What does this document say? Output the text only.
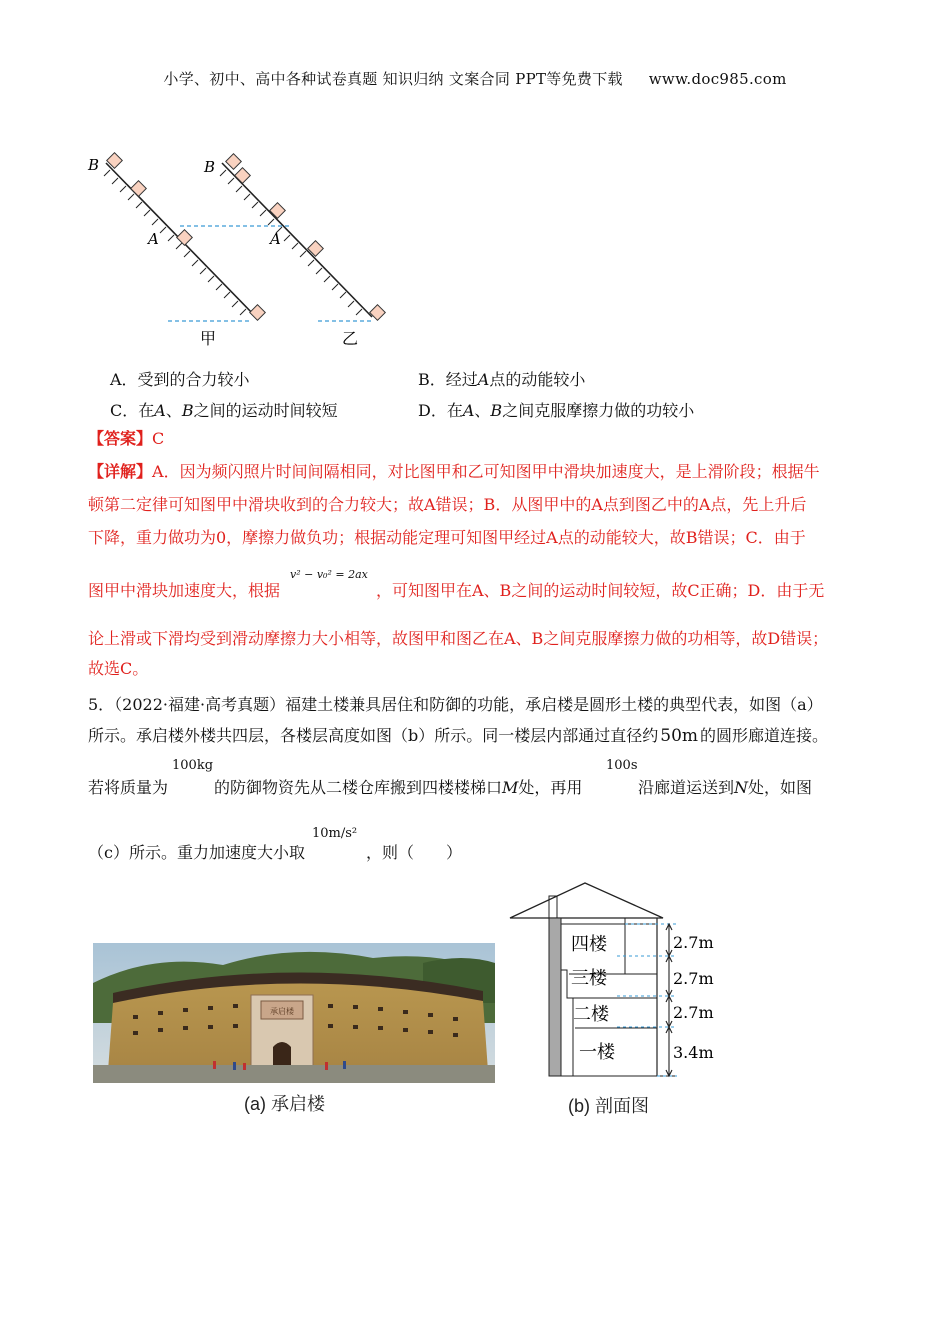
小学、初中、高中各种试卷真题 知识归纳 文案合同 PPT等免费下载 www.doc985.com
B	B
A	A
甲	乙
A．受到的合力较小	B．经过A点的动能较小
C．在A、B之间的运动时间较短	D．在A、B之间克服摩擦力做的功较小
【答案】C
【详解】A．因为频闪照片时间间隔相同，对比图甲和乙可知图甲中滑块加速度大，是上滑阶段；根据牛
顿第二定律可知图甲中滑块收到的合力较大；故A错误；B．从图甲中的A点到图乙中的A点，先上升后
下降，重力做功为0，摩擦力做负功；根据动能定理可知图甲经过A点的动能较大，故B错误；C．由于
图甲中滑块加速度大，根据
v² − v₀² = 2ax
，可知图甲在A、B之间的运动时间较短，故C正确；D．由于无
论上滑或下滑均受到滑动摩擦力大小相等，故图甲和图乙在A、B之间克服摩擦力做的功相等，故D错误；
故选C。
5．（2022·福建·高考真题）福建土楼兼具居住和防御的功能，承启楼是圆形土楼的典型代表，如图（a）
所示。承启楼外楼共四层，各楼层高度如图（b）所示。同一楼层内部通过直径约 50m 的圆形廊道连接。
若将质量为
100kg
的防御物资先从二楼仓库搬到四楼楼梯口M处，再用
100s
沿廊道运送到N处，如图
（c）所示。重力加速度大小取
10m/s²
，则（　　）
承启楼
(a) 承启楼
四楼
三楼
二楼
一楼
2.7m
2.7m
2.7m
3.4m
(b) 剖面图
